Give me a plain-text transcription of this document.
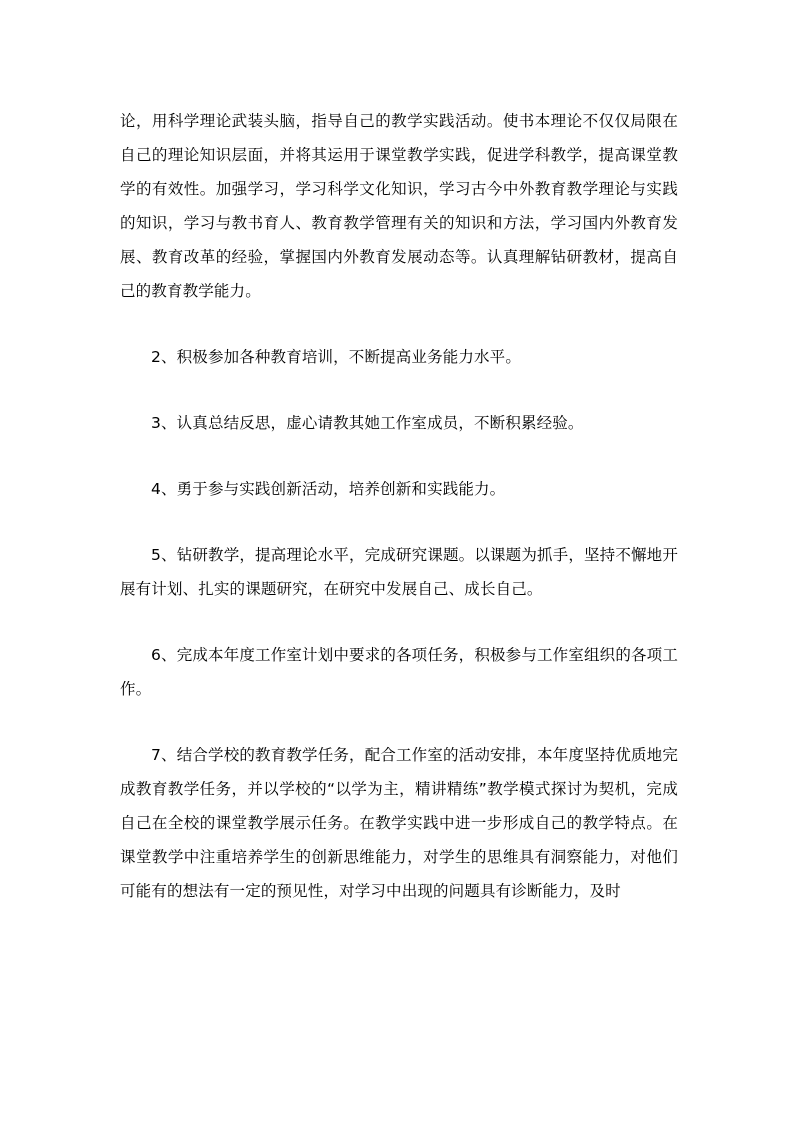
论，用科学理论武装头脑，指导自己的教学实践活动。使书本理论不仅仅局限在自己的理论知识层面，并将其运用于课堂教学实践，促进学科教学，提高课堂教学的有效性。加强学习，学习科学文化知识，学习古今中外教育教学理论与实践的知识，学习与教书育人、教育教学管理有关的知识和方法，学习国内外教育发展、教育改革的经验，掌握国内外教育发展动态等。认真理解钻研教材，提高自己的教育教学能力。

2、积极参加各种教育培训，不断提高业务能力水平。

3、认真总结反思，虚心请教其她工作室成员，不断积累经验。

4、勇于参与实践创新活动，培养创新和实践能力。

5、钻研教学，提高理论水平，完成研究课题。以课题为抓手，坚持不懈地开展有计划、扎实的课题研究，在研究中发展自己、成长自己。

6、完成本年度工作室计划中要求的各项任务，积极参与工作室组织的各项工作。

7、结合学校的教育教学任务，配合工作室的活动安排，本年度坚持优质地完成教育教学任务，并以学校的“以学为主，精讲精练”教学模式探讨为契机，完成自己在全校的课堂教学展示任务。在教学实践中进一步形成自己的教学特点。在课堂教学中注重培养学生的创新思维能力，对学生的思维具有洞察能力，对他们可能有的想法有一定的预见性，对学习中出现的问题具有诊断能力，及时
